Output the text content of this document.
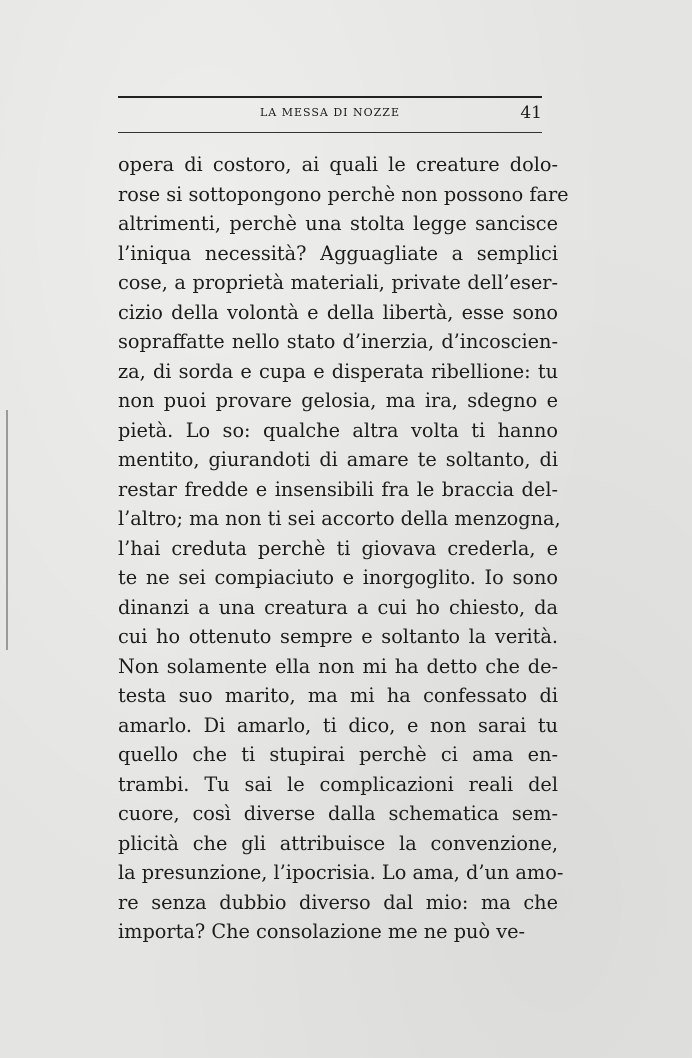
LA MESSA DI NOZZE	41
opera di costoro, ai quali le creature dolo-
rose si sottopongono perchè non possono fare
altrimenti, perchè una stolta legge sancisce
l’iniqua necessità? Agguagliate a semplici
cose, a proprietà materiali, private dell’eser-
cizio della volontà e della libertà, esse sono
sopraffatte nello stato d’inerzia, d’incoscien-
za, di sorda e cupa e disperata ribellione: tu
non puoi provare gelosia, ma ira, sdegno e
pietà. Lo so: qualche altra volta ti hanno
mentito, giurandoti di amare te soltanto, di
restar fredde e insensibili fra le braccia del-
l’altro; ma non ti sei accorto della menzogna,
l’hai creduta perchè ti giovava crederla, e
te ne sei compiaciuto e inorgoglito. Io sono
dinanzi a una creatura a cui ho chiesto, da
cui ho ottenuto sempre e soltanto la verità.
Non solamente ella non mi ha detto che de-
testa suo marito, ma mi ha confessato di
amarlo. Di amarlo, ti dico, e non sarai tu
quello che ti stupirai perchè ci ama en-
trambi. Tu sai le complicazioni reali del
cuore, così diverse dalla schematica sem-
plicità che gli attribuisce la convenzione,
la presunzione, l’ipocrisia. Lo ama, d’un amo-
re senza dubbio diverso dal mio: ma che
importa? Che consolazione me ne può ve-
